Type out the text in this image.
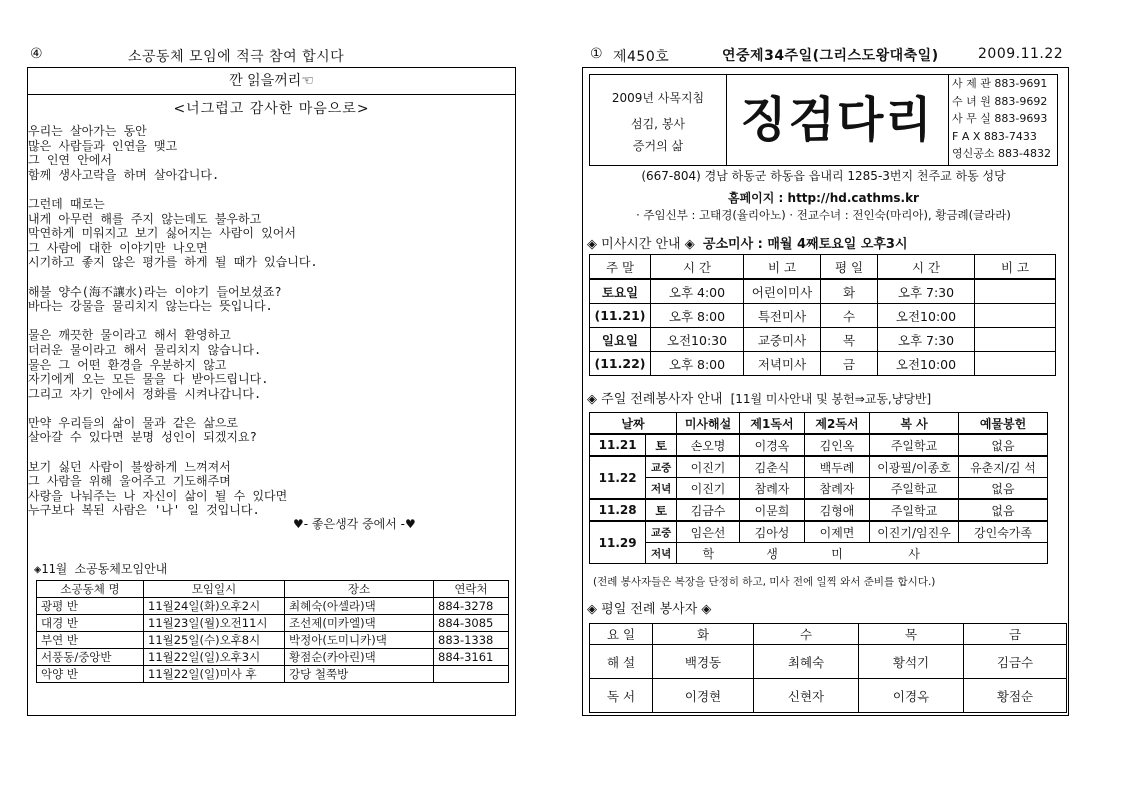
④	소공동체 모임에 적극 참여 합시다
깐 읽을꺼리☜
<너그럽고 감사한 마음으로>
우리는 살아가는 동안
많은 사람들과 인연을 맺고
그 인연 안에서
함께 생사고락을 하며 살아갑니다.
그런데 때로는
내게 아무런 해를 주지 않는데도 불우하고
막연하게 미워지고 보기 싫어지는 사람이 있어서
그 사람에 대한 이야기만 나오면
시기하고 좋지 않은 평가를 하게 될 때가 있습니다.
해불 양수(海不讓水)라는 이야기 들어보셨죠?
바다는 강물을 물리치지 않는다는 뜻입니다.
물은 깨끗한 물이라고 해서 환영하고
더러운 물이라고 해서 물리치지 않습니다.
물은 그 어떤 환경을 우분하지 않고
자기에게 오는 모든 물을 다 받아드립니다.
그리고 자기 안에서 정화를 시켜나갑니다.
만약 우리들의 삶이 물과 같은 삶으로
살아갈 수 있다면 분명 성인이 되겠지요?
보기 싫던 사람이 불쌍하게 느껴져서
그 사람을 위해 울어주고 기도해주며
사랑을 나눠주는 나 자신이 삶이 될 수 있다면
누구보다 복된 사람은 '나' 일 것입니다.
♥- 좋은생각 중에서 -♥
◈11월 소공동체모임안내
소공동체 명	모임일시	장소	연락처
광평 반	11월24일(화)오후2시	최혜숙(아셀라)댁	884-3278
대경 반	11월23일(월)오전11시	조선제(미카엘)댁	884-3085
부연 반	11월25일(수)오후8시	박정아(도미니카)댁	883-1338
서풍동/중앙반	11월22일(일)오후3시	황점순(카아린)댁	884-3161
악양 반	11월22일(일)미사 후	강당 철쭉방	
① 제450호	연중제34주일(그리스도왕대축일)	2009.11.22
2009년 사목지침
섬김, 봉사
증거의 삶	징검다리
사 제 관 883-9691
수 녀 원 883-9692
사 무 실 883-9693
F A X 883-7433
영신공소 883-4832
(667-804) 경남 하동군 하동읍 읍내리 1285-3번지 천주교 하동 성당
홈페이지 : http://hd.cathms.kr
· 주임신부 : 고태경(율리아노) · 전교수녀 : 전인숙(마리아), 황금례(글라라)
◈ 미사시간 안내 ◈ 공소미사 : 매월 4째토요일 오후3시
주 말	시 간	비 고	평 일	시 간	비 고
토요일	오후 4:00	어린이미사	화	오후 7:30	
(11.21)	오후 8:00	특전미사	수	오전10:00	
일요일	오전10:30	교중미사	목	오후 7:30	
(11.22)	오후 8:00	저녁미사	금	오전10:00	
◈ 주일 전례봉사자 안내 [11월 미사안내 및 봉헌⇒교동,냥당반]
날짜		미사해설	제1독서	제2독서	복 사	예물봉헌
11.21	토	손오명	이경옥	김인옥	주일학교	없음
11.22	교중	이진기	김춘식	백두례	이광필/이종호	유춘지/김 석
	저녁	이진기	참례자	참례자	주일학교	없음
11.28	토	김금수	이문희	김형애	주일학교	없음
11.29	교중	임은선	김아성	이제면	이진기/임진우	강인숙가족
	저녁	학	생	미	사	
(전례 봉사자들은 복장을 단정히 하고, 미사 전에 일찍 와서 준비를 합시다.)
◈ 평일 전례 봉사자 ◈
요 일	화	수	목	금
해 설	백경동	최혜숙	황석기	김금수
독 서	이경현	신현자	이경옥	황점순
